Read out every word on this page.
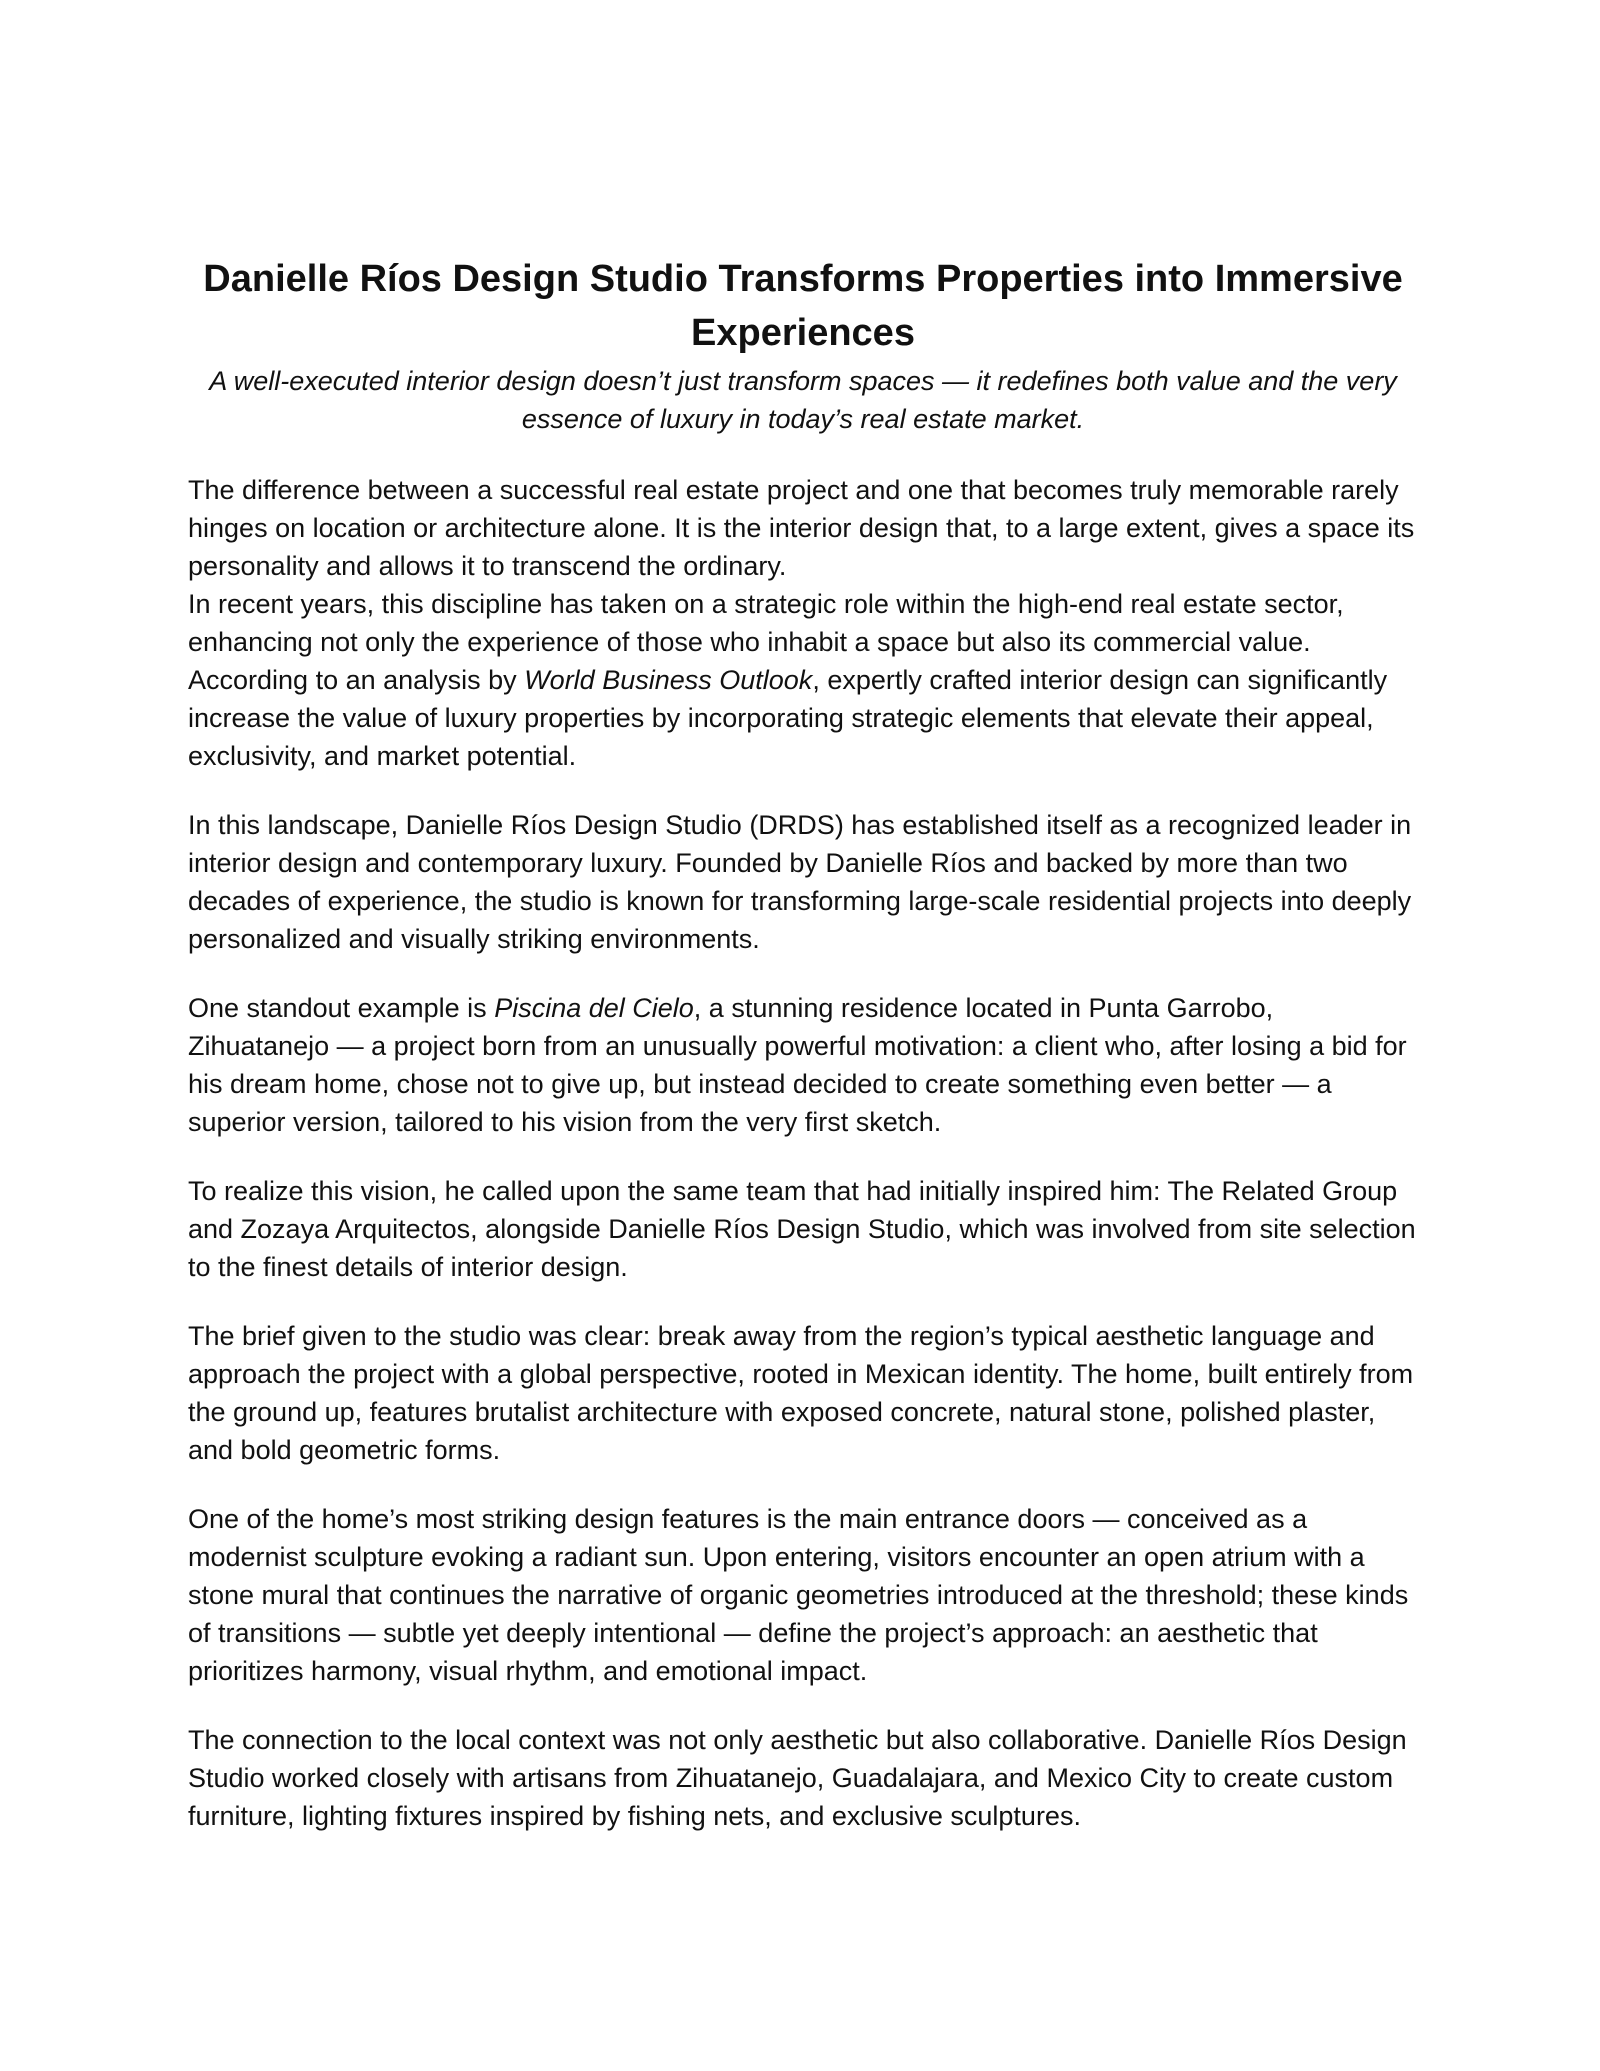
Danielle Ríos Design Studio Transforms Properties into Immersive Experiences

A well-executed interior design doesn’t just transform spaces — it redefines both value and the very essence of luxury in today’s real estate market.

The difference between a successful real estate project and one that becomes truly memorable rarely hinges on location or architecture alone. It is the interior design that, to a large extent, gives a space its personality and allows it to transcend the ordinary.

In recent years, this discipline has taken on a strategic role within the high-end real estate sector, enhancing not only the experience of those who inhabit a space but also its commercial value. According to an analysis by World Business Outlook, expertly crafted interior design can significantly increase the value of luxury properties by incorporating strategic elements that elevate their appeal, exclusivity, and market potential.

In this landscape, Danielle Ríos Design Studio (DRDS) has established itself as a recognized leader in interior design and contemporary luxury. Founded by Danielle Ríos and backed by more than two decades of experience, the studio is known for transforming large-scale residential projects into deeply personalized and visually striking environments.

One standout example is Piscina del Cielo, a stunning residence located in Punta Garrobo, Zihuatanejo — a project born from an unusually powerful motivation: a client who, after losing a bid for his dream home, chose not to give up, but instead decided to create something even better — a superior version, tailored to his vision from the very first sketch.

To realize this vision, he called upon the same team that had initially inspired him: The Related Group and Zozaya Arquitectos, alongside Danielle Ríos Design Studio, which was involved from site selection to the finest details of interior design.

The brief given to the studio was clear: break away from the region’s typical aesthetic language and approach the project with a global perspective, rooted in Mexican identity. The home, built entirely from the ground up, features brutalist architecture with exposed concrete, natural stone, polished plaster, and bold geometric forms.

One of the home’s most striking design features is the main entrance doors — conceived as a modernist sculpture evoking a radiant sun. Upon entering, visitors encounter an open atrium with a stone mural that continues the narrative of organic geometries introduced at the threshold; these kinds of transitions — subtle yet deeply intentional — define the project’s approach: an aesthetic that prioritizes harmony, visual rhythm, and emotional impact.

The connection to the local context was not only aesthetic but also collaborative. Danielle Ríos Design Studio worked closely with artisans from Zihuatanejo, Guadalajara, and Mexico City to create custom furniture, lighting fixtures inspired by fishing nets, and exclusive sculptures.
